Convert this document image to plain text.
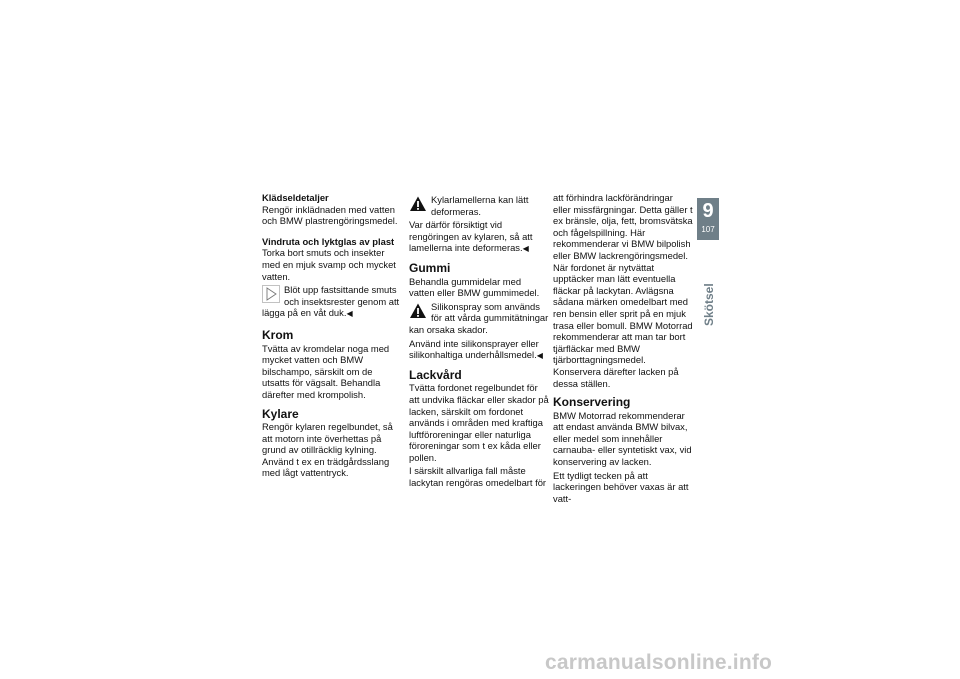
Klädseldetaljer
Rengör inklädnaden med vatten och BMW plastrengöringsmedel.
Vindruta och lyktglas av plast
Torka bort smuts och insekter med en mjuk svamp och mycket vatten.
Blöt upp fastsittande smuts och insektsrester genom att lägga på en våt duk.◀
Krom
Tvätta av kromdelar noga med mycket vatten och BMW bilschampo, särskilt om de utsatts för vägsalt. Behandla därefter med krompolish.
Kylare
Rengör kylaren regelbundet, så att motorn inte överhettas på grund av otillräcklig kylning. Använd t ex en trädgårdsslang med lågt vattentryck.
Kylarlamellerna kan lätt deformeras.
Var därför försiktigt vid rengöringen av kylaren, så att lamellerna inte deformeras.◀
Gummi
Behandla gummidelar med vatten eller BMW gummimedel.
Silikonspray som används för att vårda gummitätningar kan orsaka skador.
Använd inte silikonsprayer eller silikonhaltiga underhållsmedel.◀
Lackvård
Tvätta fordonet regelbundet för att undvika fläckar eller skador på lacken, särskilt om fordonet används i områden med kraftiga luftföroreningar eller naturliga föroreningar som t ex kåda eller pollen.
I särskilt allvarliga fall måste lackytan rengöras omedelbart för
att förhindra lackförändringar eller missfärgningar. Detta gäller t ex bränsle, olja, fett, bromsvätska och fågelspillning. Här rekommenderar vi BMW bilpolish eller BMW lackrengöringsmedel. När fordonet är nytvättat upptäcker man lätt eventuella fläckar på lackytan. Avlägsna sådana märken omedelbart med ren bensin eller sprit på en mjuk trasa eller bomull. BMW Motorrad rekommenderar att man tar bort tjärfläckar med BMW tjärborttagningsmedel. Konservera därefter lacken på dessa ställen.
Konservering
BMW Motorrad rekommenderar att endast använda BMW bilvax, eller medel som innehåller carnauba- eller syntetiskt vax, vid konservering av lacken.
Ett tydligt tecken på att lackeringen behöver vaxas är att vatt-
9
107
Skötsel
carmanualsonline.info
